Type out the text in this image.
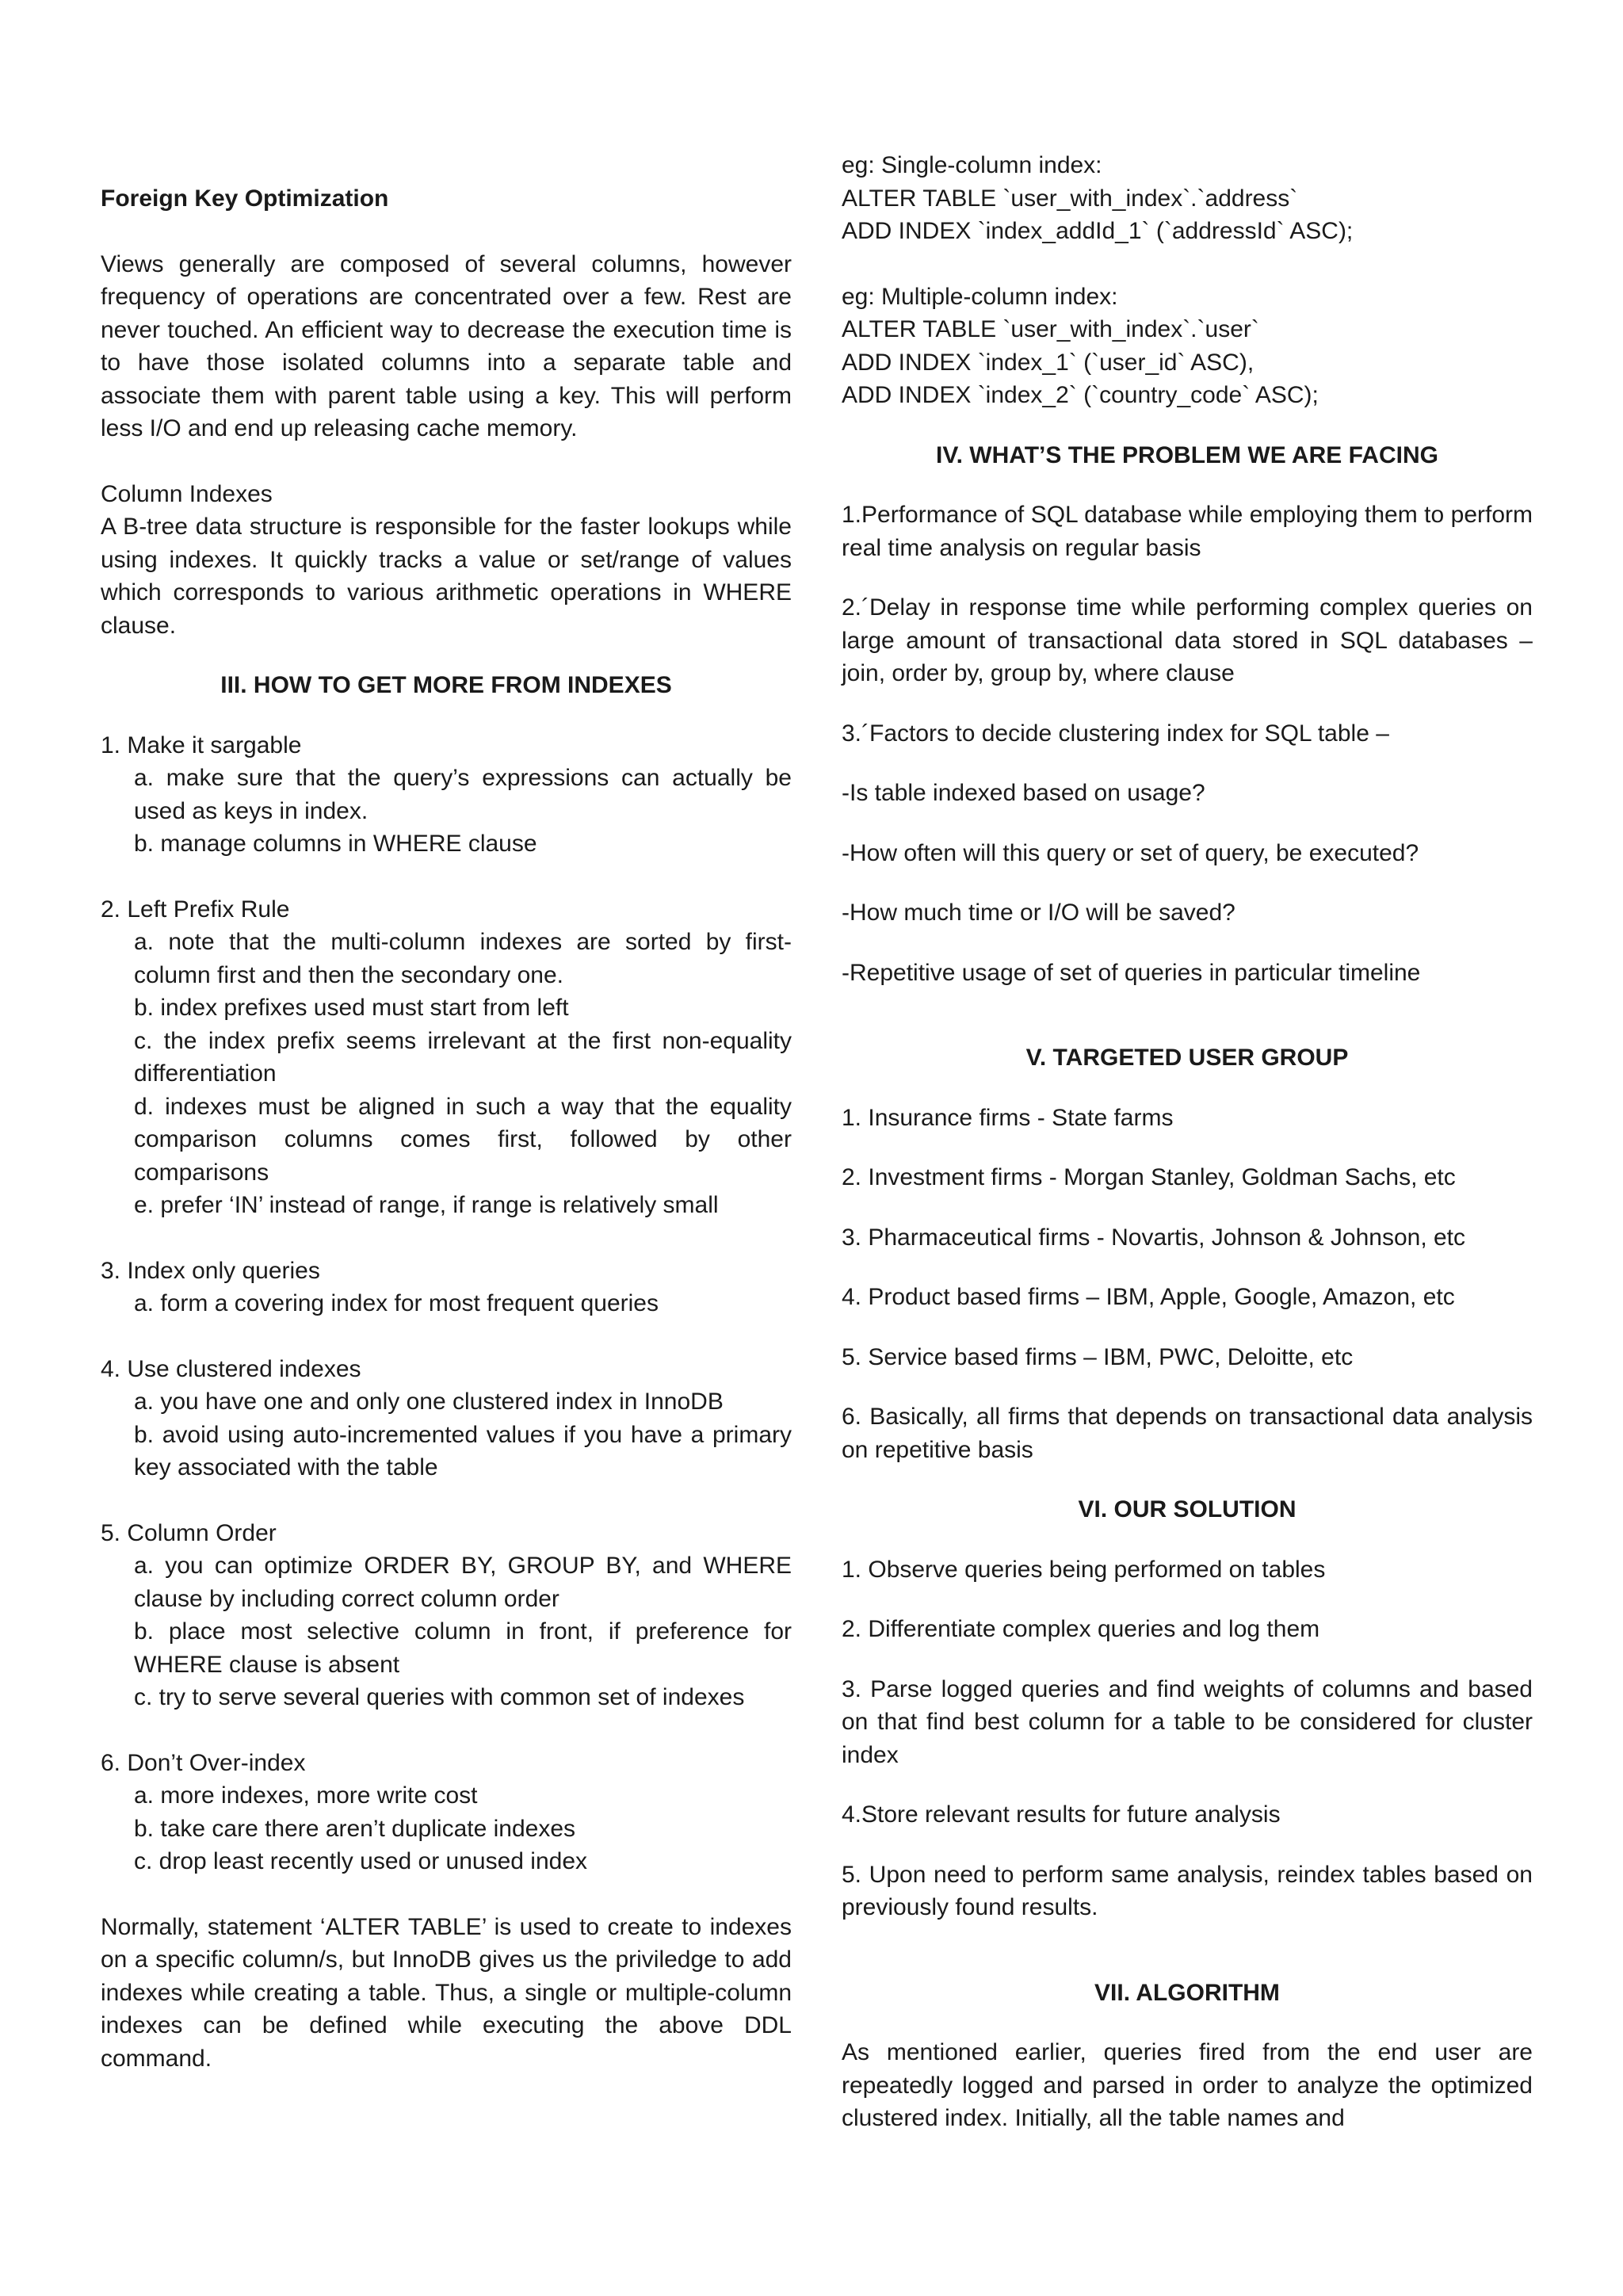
Foreign Key Optimization

Views generally are composed of several columns, however frequency of operations are concentrated over a few. Rest are never touched. An efficient way to decrease the execution time is to have those isolated columns into a separate table and associate them with parent table using a key. This will perform less I/O and end up releasing cache memory.

Column Indexes

A B-tree data structure is responsible for the faster lookups while using indexes. It quickly tracks a value or set/range of values which corresponds to various arithmetic operations in WHERE clause.

III. HOW TO GET MORE FROM INDEXES

1. Make it sargable

a. make sure that the query’s expressions can actually be used as keys in index.

b. manage columns in WHERE clause

2. Left Prefix Rule

a. note that the multi-column indexes are sorted by first-column first and then the secondary one.

b. index prefixes used must start from left

c. the index prefix seems irrelevant at the first non-equality differentiation

d. indexes must be aligned in such a way that the equality comparison columns comes first, followed by other comparisons

e. prefer ‘IN’ instead of range, if range is relatively small

3. Index only queries

a. form a covering index for most frequent queries

4. Use clustered indexes

a. you have one and only one clustered index in InnoDB

b. avoid using auto-incremented values if you have a primary key associated with the table

5. Column Order

a. you can optimize ORDER BY, GROUP BY, and WHERE clause by including correct column order

b. place most selective column in front, if preference for WHERE clause is absent

c. try to serve several queries with common set of indexes

6. Don’t Over-index

a. more indexes, more write cost

b. take care there aren’t duplicate indexes

c. drop least recently used or unused index

Normally, statement ‘ALTER TABLE’ is used to create to indexes on a specific column/s, but InnoDB gives us the priviledge to add indexes while creating a table. Thus, a single or multiple-column indexes can be defined while executing the above DDL command.

eg: Single-column index:

ALTER TABLE `user_with_index`.`address`

ADD INDEX `index_addId_1` (`addressId` ASC);

eg: Multiple-column index:

ALTER TABLE `user_with_index`.`user`

ADD INDEX `index_1` (`user_id` ASC),

ADD INDEX `index_2` (`country_code` ASC);

IV. WHAT’S THE PROBLEM WE ARE FACING

1.Performance of SQL database while employing them to perform real time analysis on regular basis

2.´Delay in response time while performing complex queries on large amount of transactional data stored in SQL databases – join, order by, group by, where clause

3.´Factors to decide clustering index for SQL table –

-Is table indexed based on usage?

-How often will this query or set of query, be executed?

-How much time or I/O will be saved?

-Repetitive usage of set of queries in particular timeline

V. TARGETED USER GROUP

1. Insurance firms - State farms

2. Investment firms - Morgan Stanley, Goldman Sachs, etc

3. Pharmaceutical firms - Novartis, Johnson & Johnson, etc

4. Product based firms – IBM, Apple, Google, Amazon, etc

5. Service based firms – IBM, PWC, Deloitte, etc

6. Basically, all firms that depends on transactional data analysis on repetitive basis

VI. OUR SOLUTION

1. Observe queries being performed on tables

2. Differentiate complex queries and log them

3. Parse logged queries and find weights of columns and based on that find best column for a table to be considered for cluster index

4.Store relevant results for future analysis

5. Upon need to perform same analysis, reindex tables based on previously found results.

VII. ALGORITHM

As mentioned earlier, queries fired from the end user are repeatedly logged and parsed in order to analyze the optimized clustered index. Initially, all the table names and
